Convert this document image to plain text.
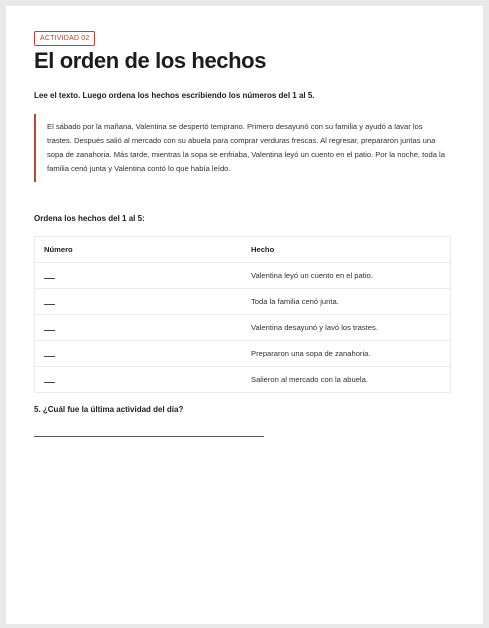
ACTIVIDAD 02
El orden de los hechos
Lee el texto. Luego ordena los hechos escribiendo los números del 1 al 5.
El sábado por la mañana, Valentina se despertó temprano. Primero desayunó con su familia y ayudó a lavar los trastes. Después salió al mercado con su abuela para comprar verduras frescas. Al regresar, prepararon juntas una sopa de zanahoria. Más tarde, mientras la sopa se enfriaba, Valentina leyó un cuento en el patio. Por la noche, toda la familia cenó junta y Valentina contó lo que había leído.
Ordena los hechos del 1 al 5:
Número	Hecho
	Valentina leyó un cuento en el patio.
	Toda la familia cenó junta.
	Valentina desayunó y lavó los trastes.
	Prepararon una sopa de zanahoria.
	Salieron al mercado con la abuela.
5. ¿Cuál fue la última actividad del día?
